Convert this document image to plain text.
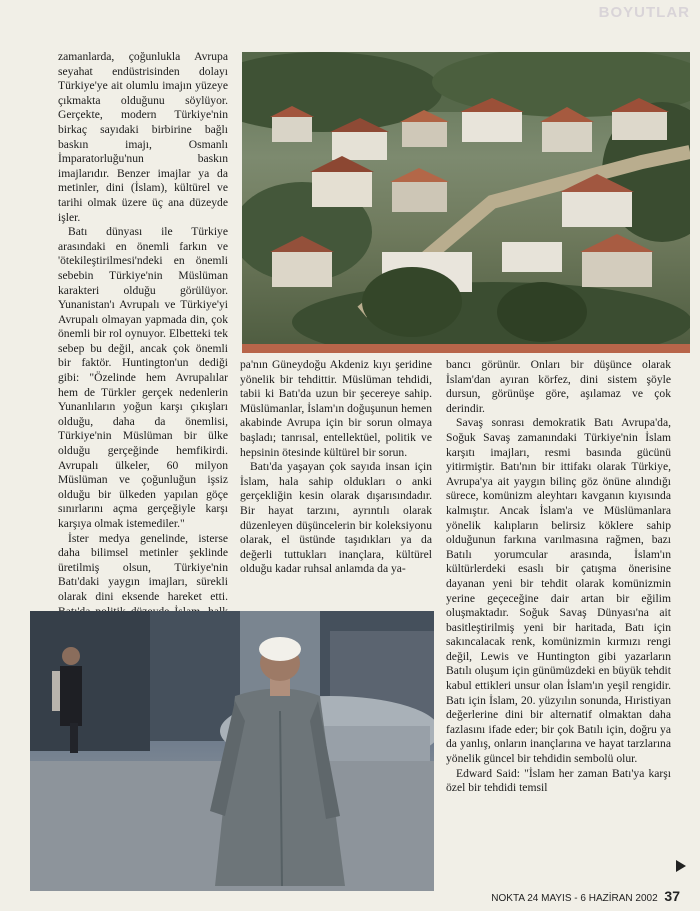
BOYUTLAR

zamanlarda, çoğunlukla Avrupa seyahat endüstrisinden dolayı Türkiye'ye ait olumlu imajın yüzeye çıkmakta olduğunu söylüyor. Gerçekte, modern Türkiye'nin birkaç sayıdaki birbirine bağlı baskın imajı, Osmanlı İmparatorluğu'nun baskın imajlarıdır. Benzer imajlar ya da metinler, dini (İslam), kültürel ve tarihi olmak üzere üç ana düzeyde işler.

Batı dünyası ile Türkiye arasındaki en önemli farkın ve 'ötekileştirilmesi'ndeki en önemli sebebin Türkiye'nin Müslüman karakteri olduğu görülüyor. Yunanistan'ı Avrupalı ve Türkiye'yi Avrupalı olmayan yapmada din, çok önemli bir rol oynuyor. Elbetteki tek sebep bu değil, ancak çok önemli bir faktör. Huntington'un dediği gibi: "Özelinde hem Avrupalılar hem de Türkler gerçek nedenlerin Yunanlıların yoğun karşı çıkışları olduğu, daha da önemlisi, Türkiye'nin Müslüman bir ülke olduğu gerçeğinde hemfikirdi. Avrupalı ülkeler, 60 milyon Müslüman ve çoğunluğun işsiz olduğu bir ülkeden yapılan göçe sınırlarını açma gerçeğiyle karşı karşıya olmak istemediler."

İster medya genelinde, isterse daha bilimsel metinler şeklinde üretilmiş olsun, Türkiye'nin Batı'daki yaygın imajları, sürekli olarak dini eksende hareket etti.

pa'nın Güneydoğu Akdeniz kıyı şeridine yönelik bir tehdittir. Müslüman tehdidi, tabii ki Batı'da uzun bir şecereye sahip. Müslümanlar, İslam'ın doğuşunun hemen akabinde Avrupa için bir sorun olmaya başladı; tanrısal, entellektüel, politik ve hepsinin ötesinde kültürel bir sorun.

Batı'da yaşayan çok sayıda insan için İslam, hala sahip oldukları o anki gerçekliğin kesin olarak dışarısındadır. Bir hayat tarzını, ayrıntılı olarak düzenleyen düşüncelerin bir koleksiyonu olarak, el üstünde taşıdıkları ya da değerli tuttukları inançlara, kültürel olduğu kadar ruhsal anlamda da ya-

bancı görünür. Onları bir düşünce olarak İslam'dan ayıran körfez, dini sistem şöyle dursun, görünüşe göre, aşılamaz ve çok derindir.

Savaş sonrası demokratik Batı Avrupa'da, Soğuk Savaş zamanındaki Türkiye'nin İslam karşıtı imajları, resmi basında gücünü yitirmiştir. Batı'nın bir ittifakı olarak Türkiye, Avrupa'ya ait yaygın bilinç göz önüne alındığı sürece, komünizm aleyhtarı kavganın kıyısında kalmıştır. Ancak İslam'a ve Müslümanlara yönelik kalıpların belirsiz köklere sahip olduğunun farkına varılmasına rağmen, bazı Batılı yorumcular arasında, İslam'ın kültürlerdeki esaslı bir çatışma önerisine dayanan yeni bir tehdit olarak komünizmin yerine geçeceğine dair artan bir eğilim oluşmaktadır. Soğuk Savaş Dünyası'na ait basitleştirilmiş yeni bir haritada, Batı için sakıncalacak renk, komünizmin kırmızı rengi değil, Lewis ve Huntington gibi yazarların Batılı oluşum için günümüzdeki en büyük tehdit kabul ettikleri unsur olan İslam'ın yeşil rengidir. Batı için İslam, 20. yüzyılın sonunda, Hıristiyan değerlerine dini bir alternatif olmaktan daha fazlasını ifade eder; bir çok Batılı için, doğru ya da yanlış, onların inançlarına ve hayat tarzlarına yönelik güncel bir tehdidin sembolü olur.

Edward Said: "İslam her zaman Batı'ya karşı özel bir tehdidi temsil

NOKTA 24 MAYIS - 6 HAZİRAN 2002 37
